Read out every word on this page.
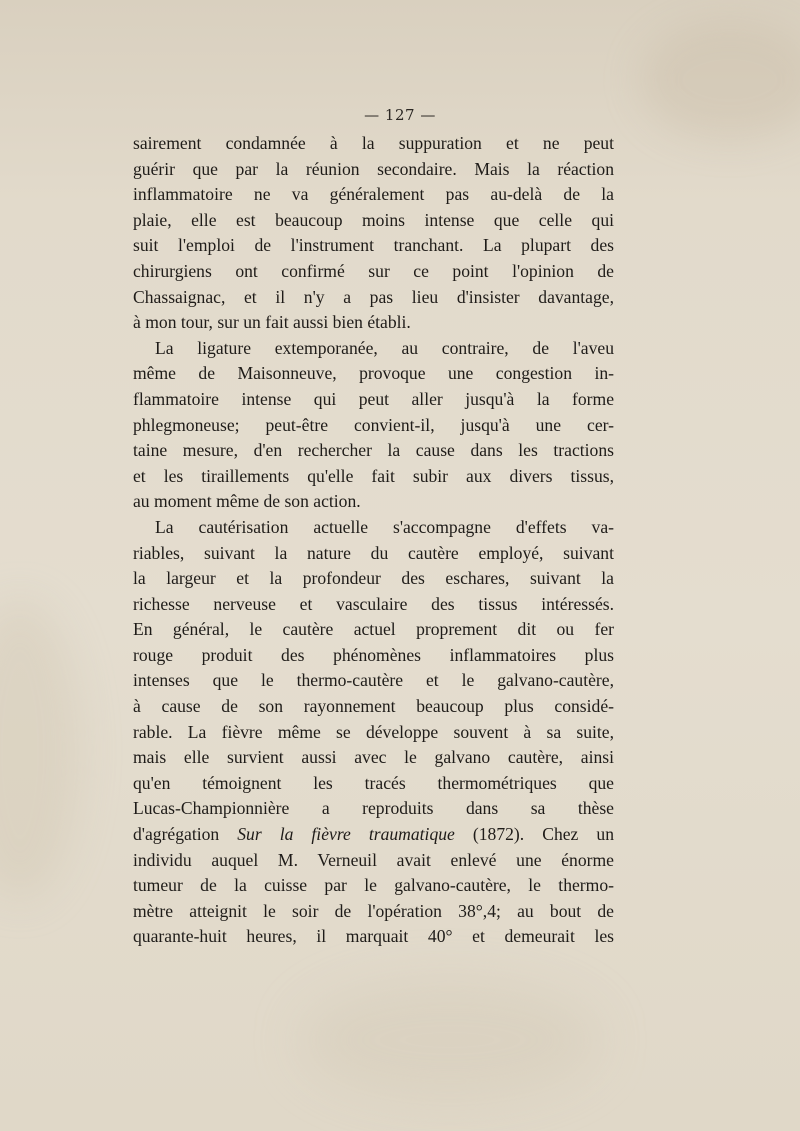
— 127 —
sairement condamnée à la suppuration et ne peut
guérir que par la réunion secondaire. Mais la réaction
inflammatoire ne va généralement pas au-delà de la
plaie, elle est beaucoup moins intense que celle qui
suit l'emploi de l'instrument tranchant. La plupart des
chirurgiens ont confirmé sur ce point l'opinion de
Chassaignac, et il n'y a pas lieu d'insister davantage,
à mon tour, sur un fait aussi bien établi.
La ligature extemporanée, au contraire, de l'aveu
même de Maisonneuve, provoque une congestion in-
flammatoire intense qui peut aller jusqu'à la forme
phlegmoneuse; peut-être convient-il, jusqu'à une cer-
taine mesure, d'en rechercher la cause dans les tractions
et les tiraillements qu'elle fait subir aux divers tissus,
au moment même de son action.
La cautérisation actuelle s'accompagne d'effets va-
riables, suivant la nature du cautère employé, suivant
la largeur et la profondeur des eschares, suivant la
richesse nerveuse et vasculaire des tissus intéressés.
En général, le cautère actuel proprement dit ou fer
rouge produit des phénomènes inflammatoires plus
intenses que le thermo-cautère et le galvano-cautère,
à cause de son rayonnement beaucoup plus considé-
rable. La fièvre même se développe souvent à sa suite,
mais elle survient aussi avec le galvano cautère, ainsi
qu'en témoignent les tracés thermométriques que
Lucas-Championnière a reproduits dans sa thèse
d'agrégation Sur la fièvre traumatique (1872). Chez un
individu auquel M. Verneuil avait enlevé une énorme
tumeur de la cuisse par le galvano-cautère, le thermo-
mètre atteignit le soir de l'opération 38°,4; au bout de
quarante-huit heures, il marquait 40° et demeurait les
